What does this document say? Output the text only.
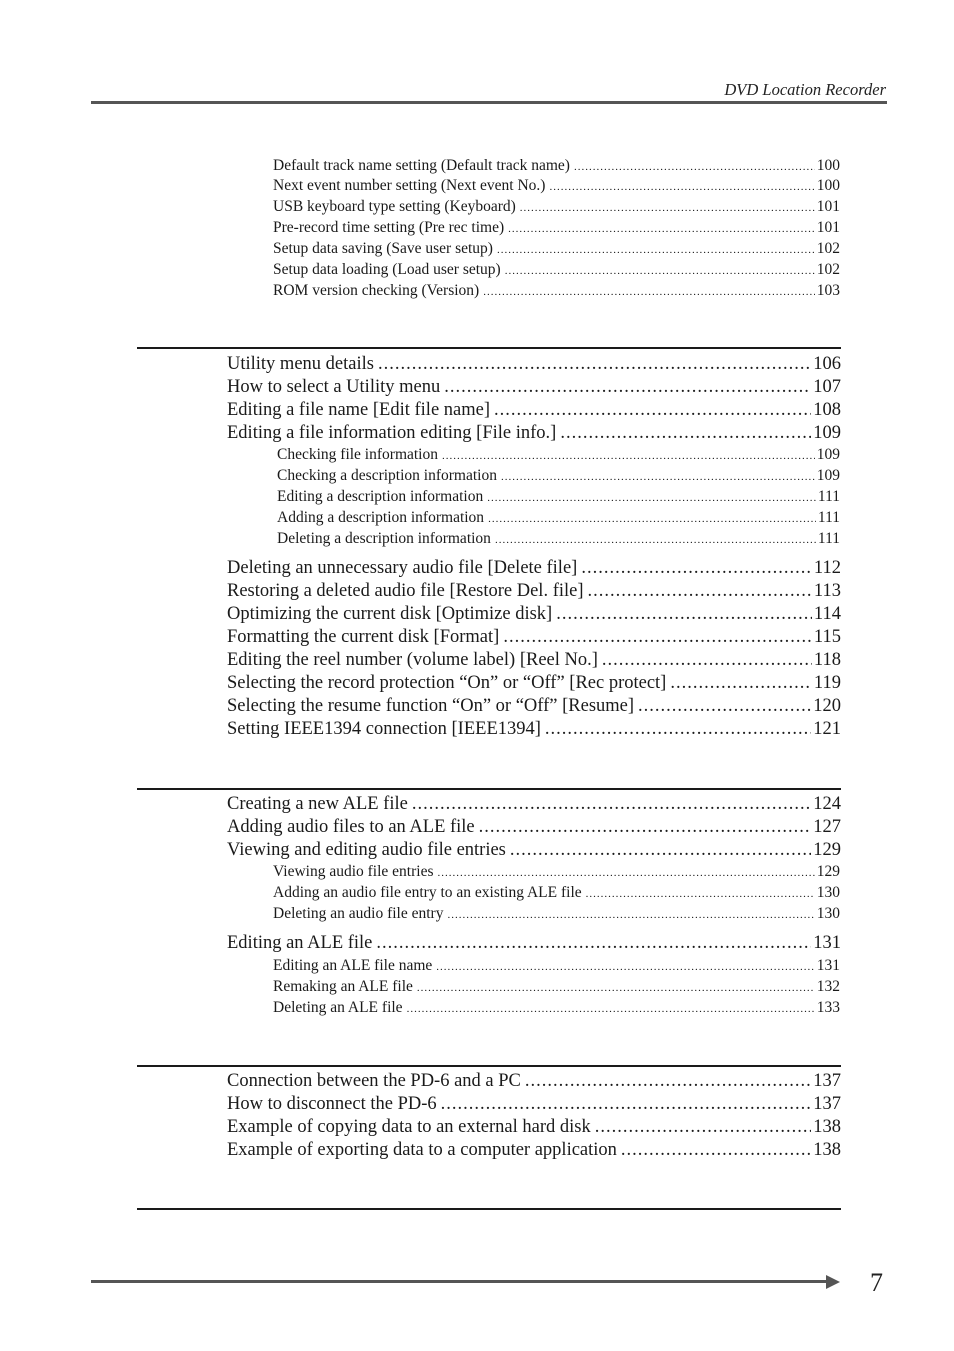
DVD Location Recorder
Default track name setting (Default track name) .....	100
Next event number setting (Next event No.) .....	100
USB keyboard type setting (Keyboard) .....	101
Pre-record time setting (Pre rec time) .....	101
Setup data saving (Save user setup) .....	102
Setup data loading (Load user setup) .....	102
ROM version checking (Version) .....	103
Utility menu details .....	106
How to select a Utility menu .....	107
Editing a file name [Edit file name] .....	108
Editing a file information editing [File info.] .....	109
Checking file information .....	109
Checking a description information .....	109
Editing a description information .....	111
Adding a description information .....	111
Deleting a description information .....	111
Deleting an unnecessary audio file [Delete file] .....	112
Restoring a deleted audio file [Restore Del. file] .....	113
Optimizing the current disk [Optimize disk] .....	114
Formatting the current disk [Format] .....	115
Editing the reel number (volume label) [Reel No.] .....	118
Selecting the record protection “On” or “Off” [Rec protect] .....	119
Selecting the resume function “On” or “Off” [Resume] .....	120
Setting IEEE1394 connection [IEEE1394] .....	121
Creating a new ALE file .....	124
Adding audio files to an ALE file .....	127
Viewing and editing audio file entries .....	129
Viewing audio file entries .....	129
Adding an audio file entry to an existing ALE file .....	130
Deleting an audio file entry .....	130
Editing an ALE file .....	131
Editing an ALE file name .....	131
Remaking an ALE file .....	132
Deleting an ALE file .....	133
Connection between the PD-6 and a PC .....	137
How to disconnect the PD-6 .....	137
Example of copying data to an external hard disk .....	138
Example of exporting data to a computer application .....	138
7
